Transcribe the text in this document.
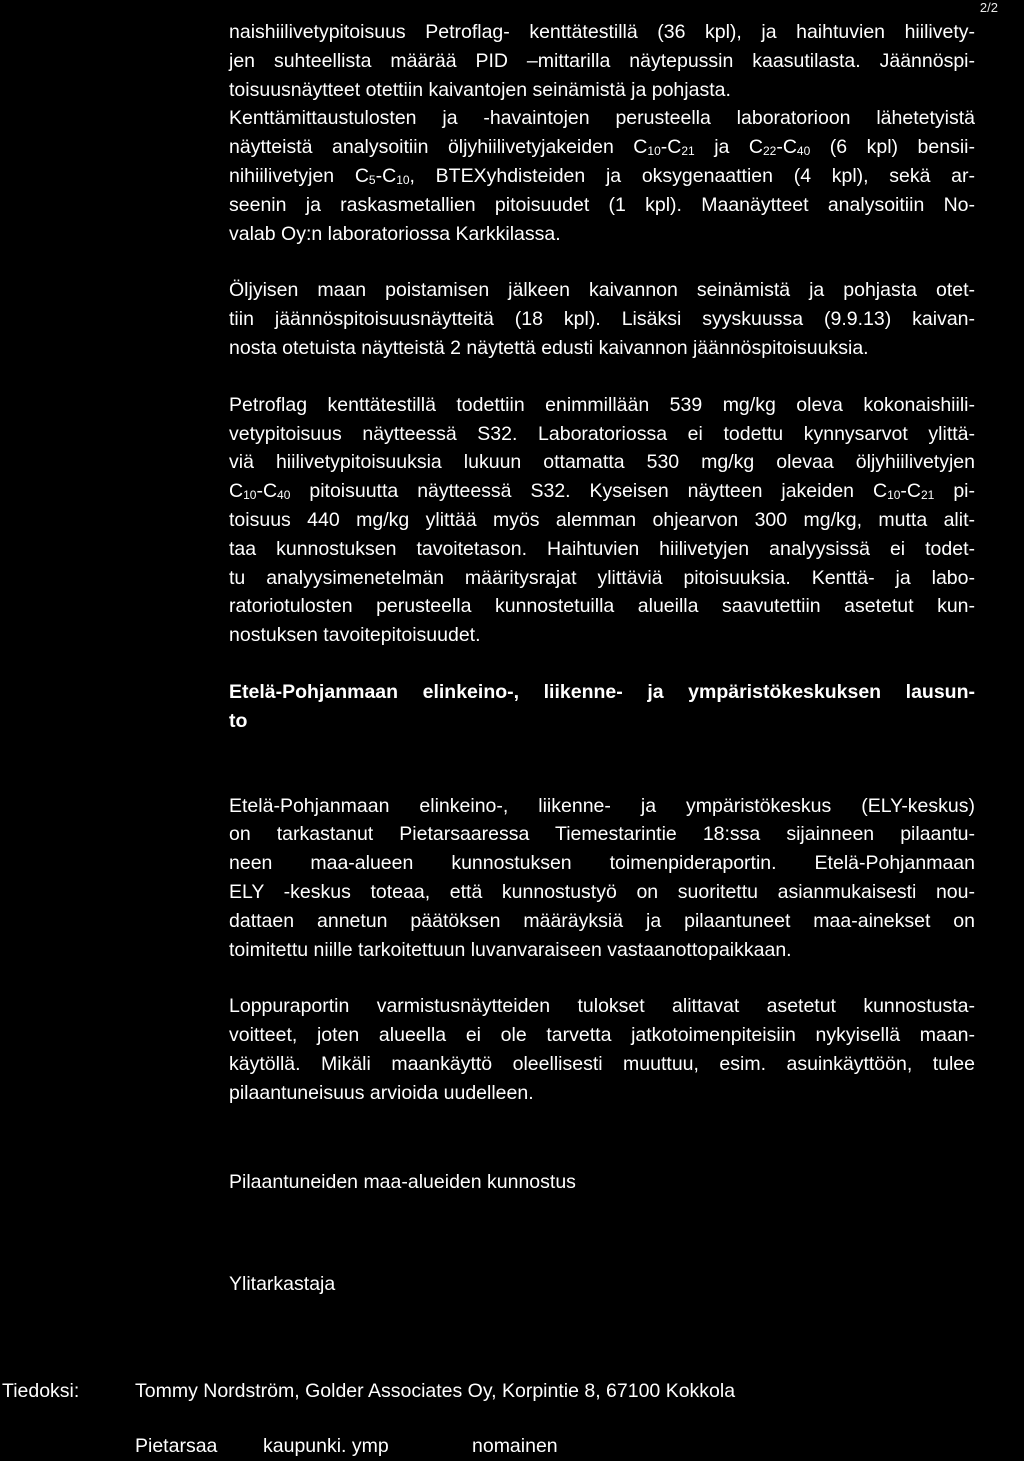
2/2
naishiilivetypitoisuus Petroflag- kenttätestillä (36 kpl), ja haihtuvien hiilivety-
jen suhteellista määrää PID –mittarilla näytepussin kaasutilasta. Jäännöspi-
toisuusnäytteet otettiin kaivantojen seinämistä ja pohjasta.
Kenttämittaustulosten ja -havaintojen perusteella laboratorioon lähetetyistä
näytteistä analysoitiin öljyhiilivetyjakeiden $C_{10}-C_{21}$ ja $C_{22}-C_{40}$ (6 kpl) bensii-
nihiilivetyjen $C_5-C_{10}$, BTEXyhdisteiden ja oksygenaattien (4 kpl), sekä ar-
seenin ja raskasmetallien pitoisuudet (1 kpl). Maanäytteet analysoitiin No-
valab Oy:n laboratoriossa Karkkilassa.
Öljyisen maan poistamisen jälkeen kaivannon seinämistä ja pohjasta otet-
tiin jäännöspitoisuusnäytteitä (18 kpl). Lisäksi syyskuussa (9.9.13) kaivan-
nosta otetuista näytteistä 2 näytettä edusti kaivannon jäännöspitoisuuksia.
Petroflag kenttätestillä todettiin enimmillään 539 mg/kg oleva kokonaishiili-
vetypitoisuus näytteessä S32. Laboratoriossa ei todettu kynnysarvot ylittä-
viä hiilivetypitoisuuksia lukuun ottamatta 530 mg/kg olevaa öljyhiilivetyjen
$C_{10}-C_{40}$ pitoisuutta näytteessä S32. Kyseisen näytteen jakeiden $C_{10}-C_{21}$ pi-
toisuus 440 mg/kg ylittää myös alemman ohjearvon 300 mg/kg, mutta alit-
taa kunnostuksen tavoitetason. Haihtuvien hiilivetyjen analyysissä ei todet-
tu analyysimenetelmän määritysrajat ylittäviä pitoisuuksia. Kenttä- ja labo-
ratoriotulosten perusteella kunnostetuilla alueilla saavutettiin asetetut kun-
nostuksen tavoitepitoisuudet.
Etelä-Pohjanmaan elinkeino-, liikenne- ja ympäristökeskuksen lausun-
to
Etelä-Pohjanmaan elinkeino-, liikenne- ja ympäristökeskus (ELY-keskus)
on tarkastanut Pietarsaaressa Tiemestarintie 18:ssa sijainneen pilaantu-
neen maa-alueen kunnostuksen toimenpideraportin. Etelä-Pohjanmaan
ELY -keskus toteaa, että kunnostustyö on suoritettu asianmukaisesti nou-
dattaen annetun päätöksen määräyksiä ja pilaantuneet maa-ainekset on
toimitettu niille tarkoitettuun luvanvaraiseen vastaanottopaikkaan.
Loppuraportin varmistusnäytteiden tulokset alittavat asetetut kunnostusta-
voitteet, joten alueella ei ole tarvetta jatkotoimenpiteisiin nykyisellä maan-
käytöllä. Mikäli maankäyttö oleellisesti muuttuu, esim. asuinkäyttöön, tulee
pilaantuneisuus arvioida uudelleen.
Pilaantuneiden maa-alueiden kunnostus
Ylitarkastaja
Tiedoksi:	Tommy Nordström, Golder Associates Oy, Korpintie 8, 67100 Kokkola
Pietarsaa kaupunki. ymp	nomainen
